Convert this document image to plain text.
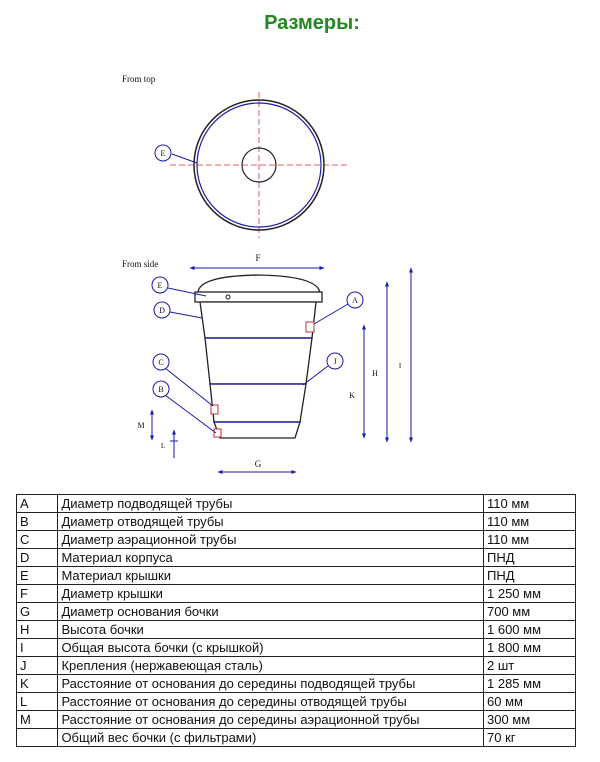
Размеры:
From top
E
From side
F
E
D
A
C	J
B
K
H
I
M
L
G
A	Диаметр подводящей трубы	110 мм
B	Диаметр отводящей трубы	110 мм
C	Диаметр аэрационной трубы	110 мм
D	Материал корпуса	ПНД
E	Материал крышки	ПНД
F	Диаметр крышки	1 250 мм
G	Диаметр основания бочки	700 мм
H	Высота бочки	1 600 мм
I	Общая высота бочки (с крышкой)	1 800 мм
J	Крепления (нержавеющая сталь)	2 шт
K	Расстояние от основания до середины подводящей трубы	1 285 мм
L	Расстояние от основания до середины отводящей трубы	60 мм
M	Расстояние от основания до середины аэрационной трубы	300 мм
	Общий вес бочки (с фильтрами)	70 кг
